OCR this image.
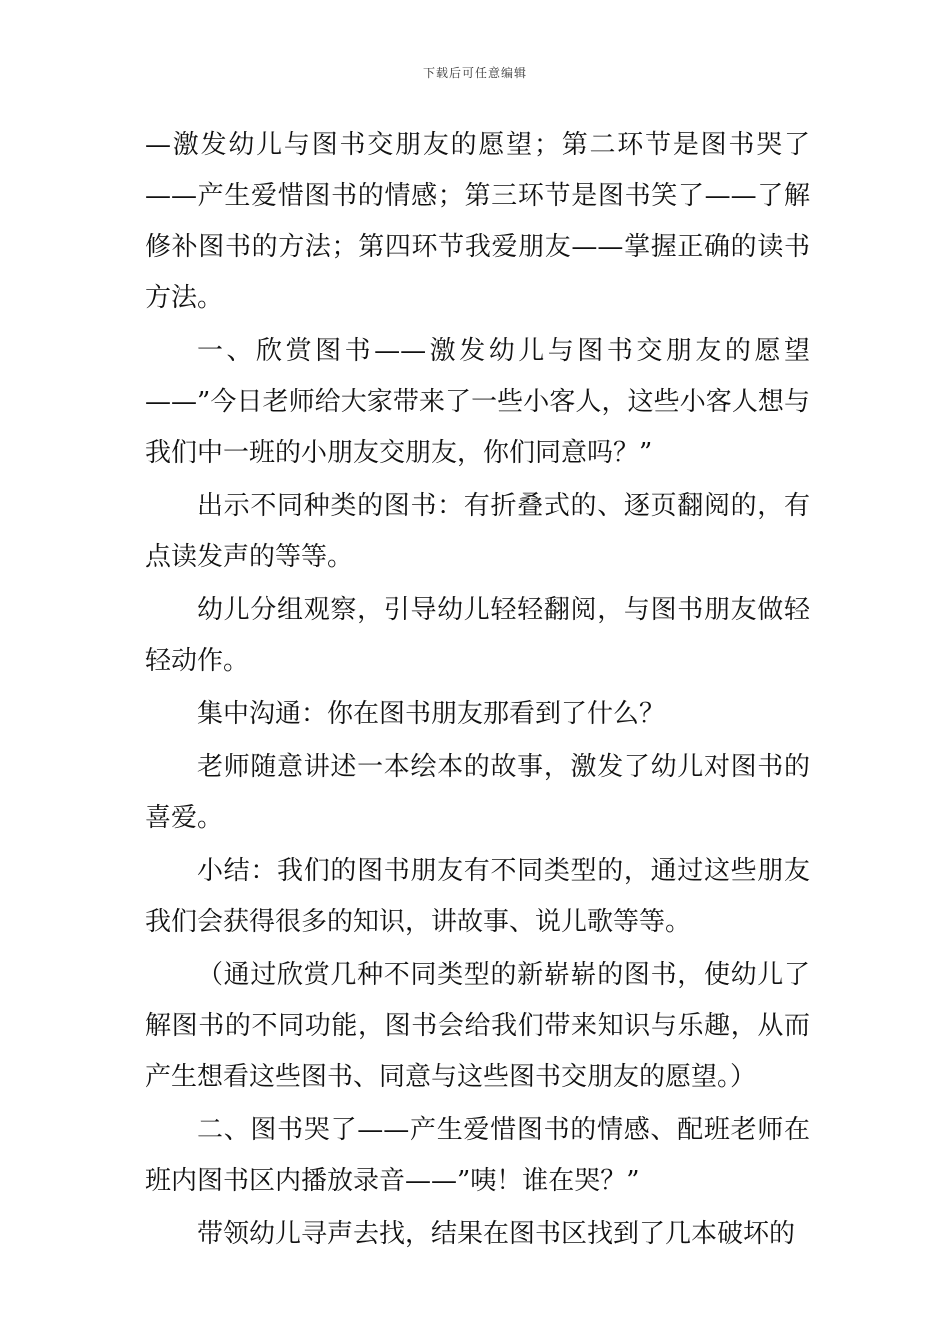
下载后可任意编辑

—激发幼儿与图书交朋友的愿望；第二环节是图书哭了——产生爱惜图书的情感；第三环节是图书笑了——了解修补图书的方法；第四环节我爱朋友——掌握正确的读书方法。

一、欣赏图书——激发幼儿与图书交朋友的愿望——”今日老师给大家带来了一些小客人，这些小客人想与我们中一班的小朋友交朋友，你们同意吗？”

出示不同种类的图书：有折叠式的、逐页翻阅的，有点读发声的等等。

幼儿分组观察，引导幼儿轻轻翻阅，与图书朋友做轻轻动作。

集中沟通：你在图书朋友那看到了什么？

老师随意讲述一本绘本的故事，激发了幼儿对图书的喜爱。

小结：我们的图书朋友有不同类型的，通过这些朋友我们会获得很多的知识，讲故事、说儿歌等等。

（通过欣赏几种不同类型的新崭崭的图书，使幼儿了解图书的不同功能，图书会给我们带来知识与乐趣，从而产生想看这些图书、同意与这些图书交朋友的愿望。）

二、图书哭了——产生爱惜图书的情感、配班老师在班内图书区内播放录音——”咦！谁在哭？”

带领幼儿寻声去找，结果在图书区找到了几本破坏的
